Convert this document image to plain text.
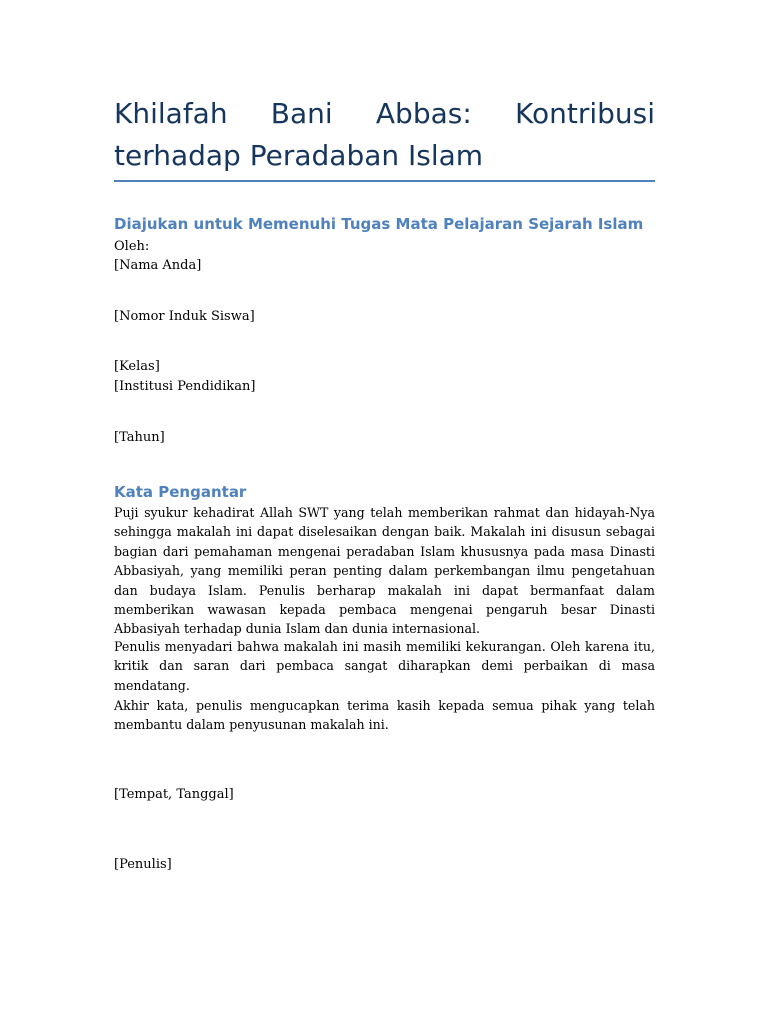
Khilafah Bani Abbas: Kontribusi terhadap Peradaban Islam
Diajukan untuk Memenuhi Tugas Mata Pelajaran Sejarah Islam

Oleh:

[Nama Anda]

[Nomor Induk Siswa]

[Kelas]

[Institusi Pendidikan]

[Tahun]

Kata Pengantar

Puji syukur kehadirat Allah SWT yang telah memberikan rahmat dan hidayah-Nya sehingga makalah ini dapat diselesaikan dengan baik. Makalah ini disusun sebagai bagian dari pemahaman mengenai peradaban Islam khususnya pada masa Dinasti Abbasiyah, yang memiliki peran penting dalam perkembangan ilmu pengetahuan dan budaya Islam. Penulis berharap makalah ini dapat bermanfaat dalam memberikan wawasan kepada pembaca mengenai pengaruh besar Dinasti Abbasiyah terhadap dunia Islam dan dunia internasional.

Penulis menyadari bahwa makalah ini masih memiliki kekurangan. Oleh karena itu, kritik dan saran dari pembaca sangat diharapkan demi perbaikan di masa mendatang.

Akhir kata, penulis mengucapkan terima kasih kepada semua pihak yang telah membantu dalam penyusunan makalah ini.

[Tempat, Tanggal]

[Penulis]
